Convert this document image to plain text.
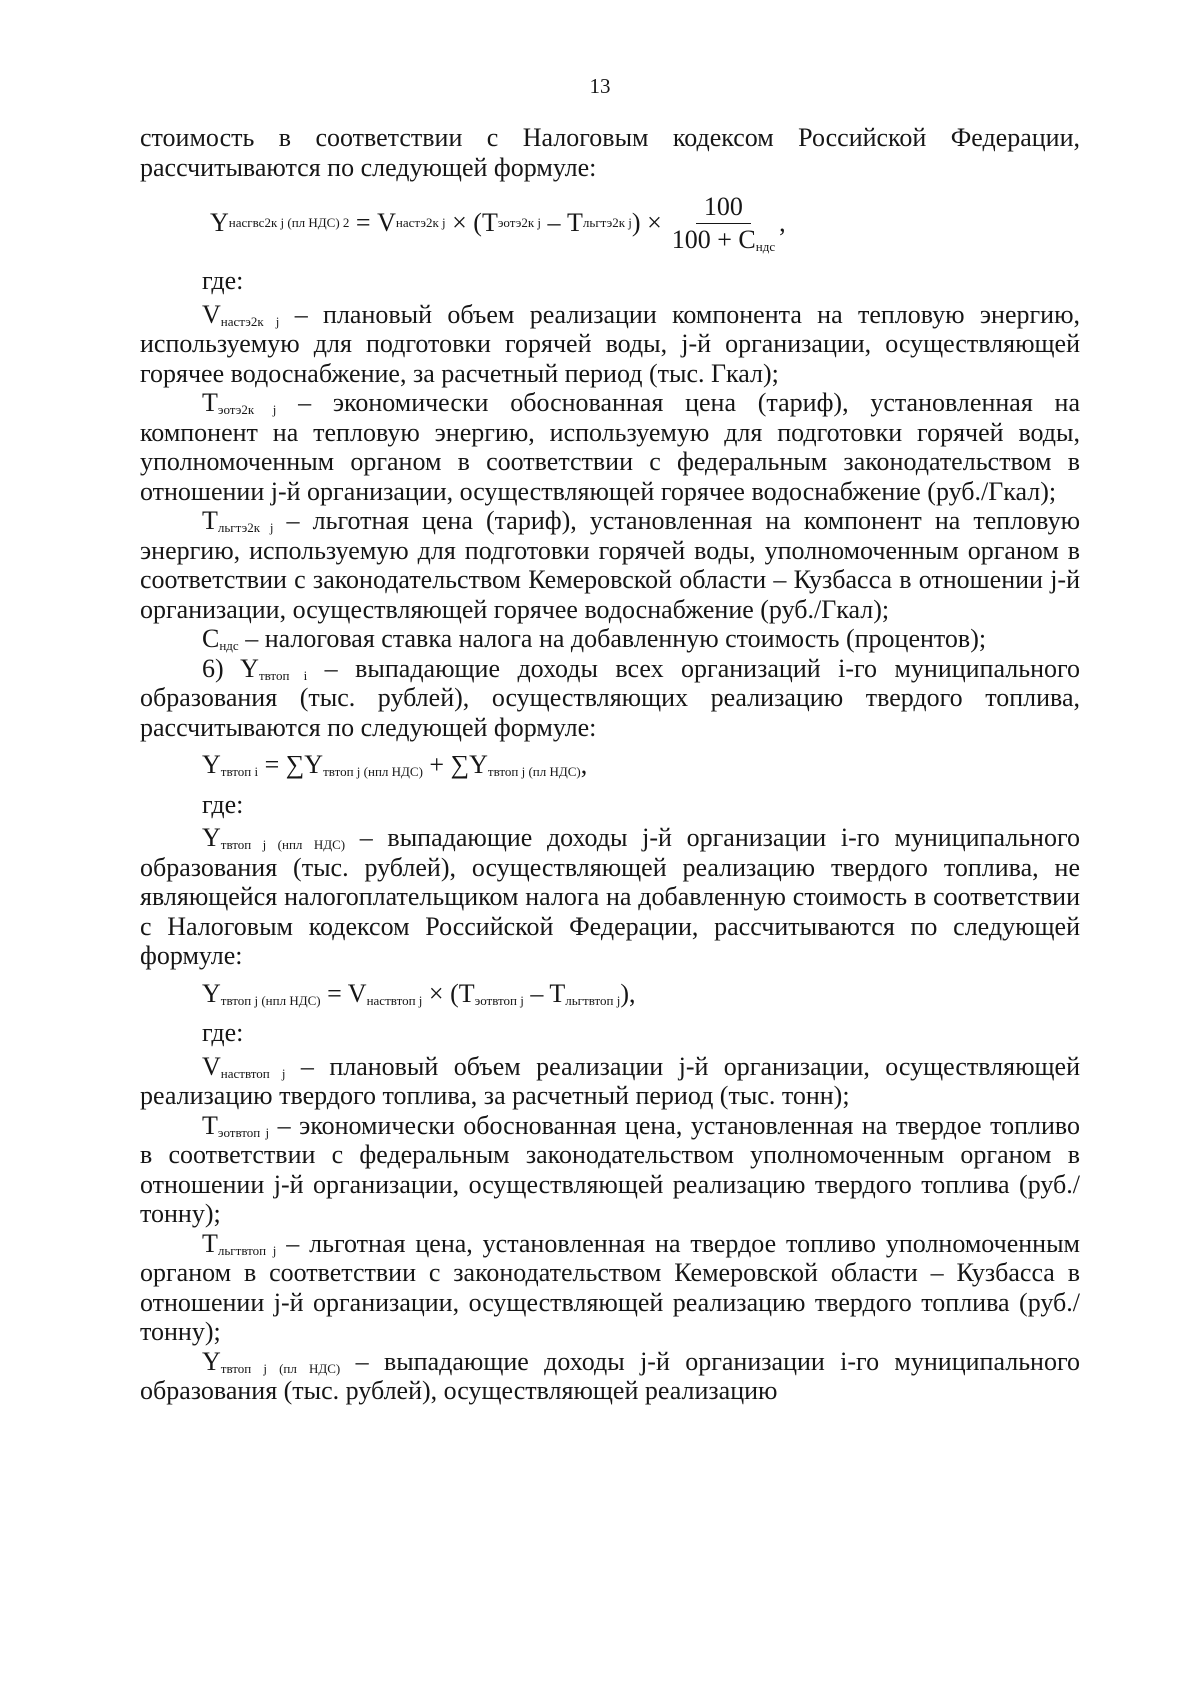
13

стоимость в соответствии с Налоговым кодексом Российской Федерации, рассчитываются по следующей формуле:

Y насгвс2к j (пл НДС) 2 = V настэ2к j × ( T эотэ2к j – T льгтэ2к j ) × $\frac{100}{100 + C_{ндс}}$ ,

где:

$V_{настэ2к j}$ – плановый объем реализации компонента на тепловую энергию, используемую для подготовки горячей воды, j-й организации, осуществляющей горячее водоснабжение, за расчетный период (тыс. Гкал);

$T_{эотэ2к j}$ – экономически обоснованная цена (тариф), установленная на компонент на тепловую энергию, используемую для подготовки горячей воды, уполномоченным органом в соответствии с федеральным законодательством в отношении j-й организации, осуществляющей горячее водоснабжение (руб./Гкал);

$T_{льгтэ2к j}$ – льготная цена (тариф), установленная на компонент на тепловую энергию, используемую для подготовки горячей воды, уполномоченным органом в соответствии с законодательством Кемеровской области – Кузбасса в отношении j-й организации, осуществляющей горячее водоснабжение (руб./Гкал);

$C_{ндс}$ – налоговая ставка налога на добавленную стоимость (процентов);

6) $Y_{твтоп i}$ – выпадающие доходы всех организаций i-го муниципального образования (тыс. рублей), осуществляющих реализацию твердого топлива, рассчитываются по следующей формуле:

$Y_{твтоп i} = \sum Y_{твтоп j (нпл НДС)} + \sum Y_{твтоп j (пл НДС)}$,

где:

$Y_{твтоп j (нпл НДС)}$ – выпадающие доходы j-й организации i-го муниципального образования (тыс. рублей), осуществляющей реализацию твердого топлива, не являющейся налогоплательщиком налога на добавленную стоимость в соответствии с Налоговым кодексом Российской Федерации, рассчитываются по следующей формуле:

$Y_{твтоп j (нпл НДС)} = V_{наствтоп j} \times (T_{эотвтоп j} - T_{льгтвтоп j})$,

где:

$V_{наствтоп j}$ – плановый объем реализации j-й организации, осуществляющей реализацию твердого топлива, за расчетный период (тыс. тонн);

$T_{эотвтоп j}$ – экономически обоснованная цена, установленная на твердое топливо в соответствии с федеральным законодательством уполномоченным органом в отношении j-й организации, осуществляющей реализацию твердого топлива (руб./тонну);

$T_{льгтвтоп j}$ – льготная цена, установленная на твердое топливо уполномоченным органом в соответствии с законодательством Кемеровской области – Кузбасса в отношении j-й организации, осуществляющей реализацию твердого топлива (руб./тонну);

$Y_{твтоп j (пл НДС)}$ – выпадающие доходы j-й организации i-го муниципального образования (тыс. рублей), осуществляющей реализацию
